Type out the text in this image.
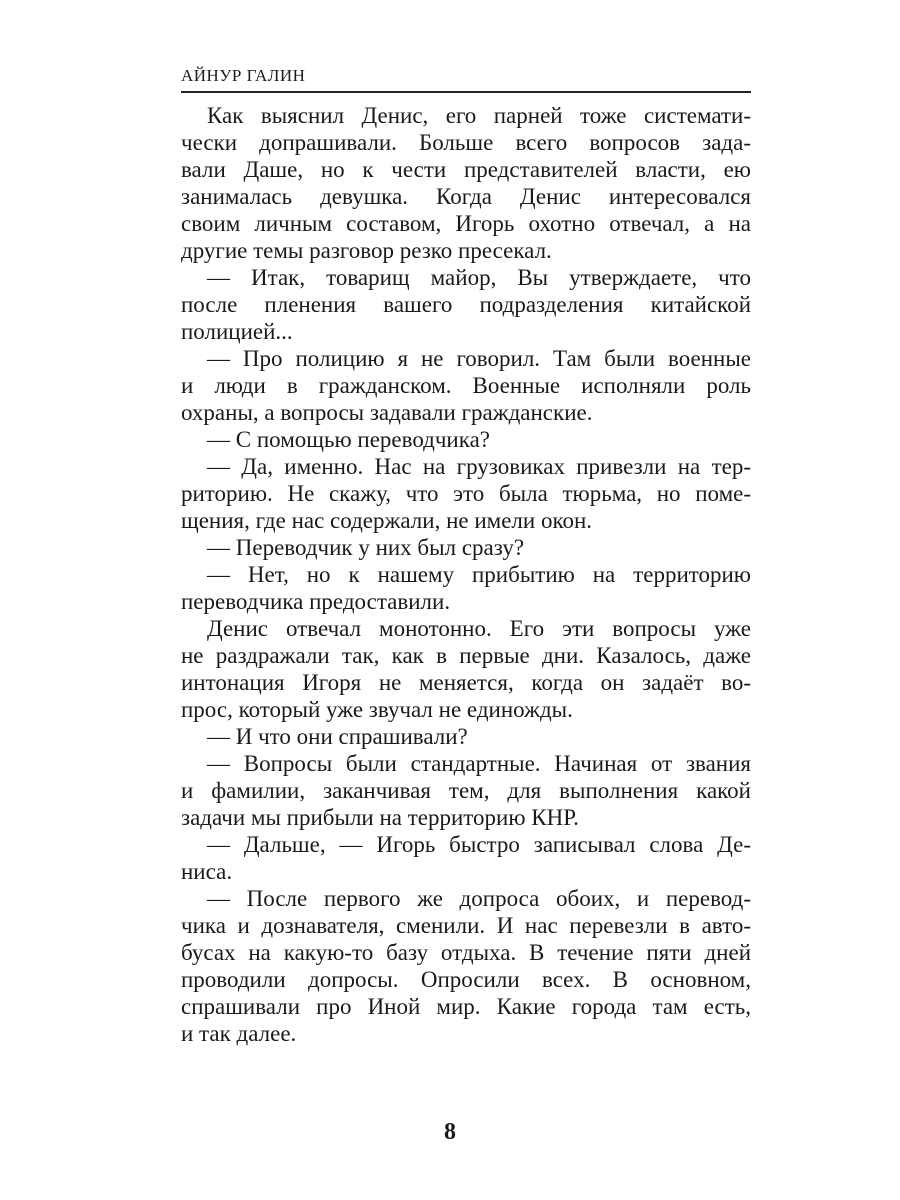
АЙНУР ГАЛИН
Как выяснил Денис, его парней тоже системати-
чески допрашивали. Больше всего вопросов зада-
вали Даше, но к чести представителей власти, ею
занималась девушка. Когда Денис интересовался
своим личным составом, Игорь охотно отвечал, а на
другие темы разговор резко пресекал.
— Итак, товарищ майор, Вы утверждаете, что
после пленения вашего подразделения китайской
полицией...
— Про полицию я не говорил. Там были военные
и люди в гражданском. Военные исполняли роль
охраны, а вопросы задавали гражданские.
— С помощью переводчика?
— Да, именно. Нас на грузовиках привезли на тер-
риторию. Не скажу, что это была тюрьма, но поме-
щения, где нас содержали, не имели окон.
— Переводчик у них был сразу?
— Нет, но к нашему прибытию на территорию
переводчика предоставили.
Денис отвечал монотонно. Его эти вопросы уже
не раздражали так, как в первые дни. Казалось, даже
интонация Игоря не меняется, когда он задаёт во-
прос, который уже звучал не единожды.
— И что они спрашивали?
— Вопросы были стандартные. Начиная от звания
и фамилии, заканчивая тем, для выполнения какой
задачи мы прибыли на территорию КНР.
— Дальше, — Игорь быстро записывал слова Де-
ниса.
— После первого же допроса обоих, и перевод-
чика и дознавателя, сменили. И нас перевезли в авто-
бусах на какую-то базу отдыха. В течение пяти дней
проводили допросы. Опросили всех. В основном,
спрашивали про Иной мир. Какие города там есть,
и так далее.
8
